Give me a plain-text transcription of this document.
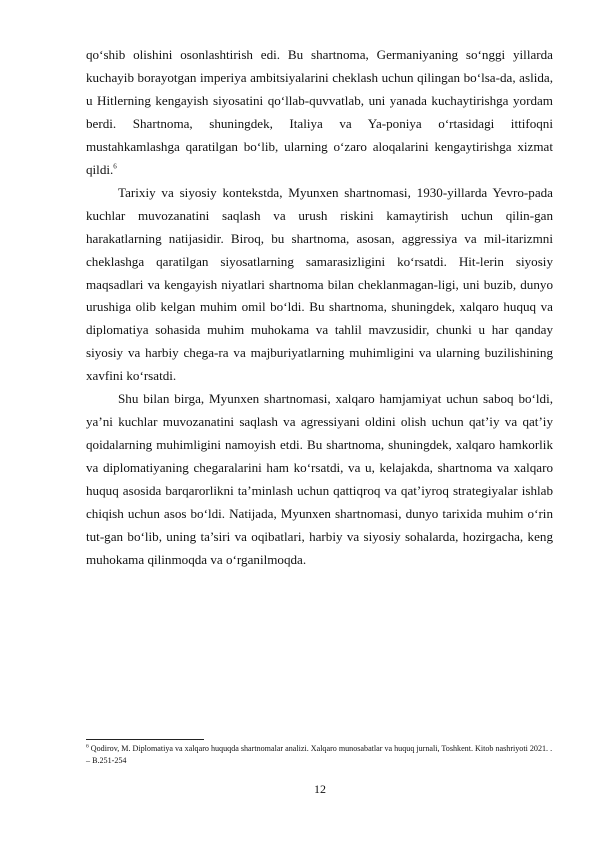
qo‘shib olishini osonlashtirish edi. Bu shartnoma, Germaniyaning so‘nggi yillarda kuchayib borayotgan imperiya ambitsiyalarini cheklash uchun qilingan bo‘lsa-da, aslida, u Hitlerning kengayish siyosatini qo‘llab-quvvatlab, uni yanada kuchaytirishga yordam berdi. Shartnoma, shuningdek, Italiya va Ya-poniya o‘rtasidagi ittifoqni mustahkamlashga qaratilgan bo‘lib, ularning o‘zaro aloqalarini kengaytirishga xizmat qildi.$^6$

Tarixiy va siyosiy kontekstda, Myunxen shartnomasi, 1930-yillarda Yevro-pada kuchlar muvozanatini saqlash va urush riskini kamaytirish uchun qilin-gan harakatlarning natijasidir. Biroq, bu shartnoma, asosan, aggressiya va mil-itarizmni cheklashga qaratilgan siyosatlarning samarasizligini ko‘rsatdi. Hit-lerin siyosiy maqsadlari va kengayish niyatlari shartnoma bilan cheklanmagan-ligi, uni buzib, dunyo urushiga olib kelgan muhim omil bo‘ldi. Bu shartnoma, shuningdek, xalqaro huquq va diplomatiya sohasida muhim muhokama va tahlil mavzusidir, chunki u har qanday siyosiy va harbiy chega-ra va majburiyatlarning muhimligini va ularning buzilishining xavfini ko‘rsatdi.

Shu bilan birga, Myunxen shartnomasi, xalqaro hamjamiyat uchun saboq bo‘ldi, ya’ni kuchlar muvozanatini saqlash va agressiyani oldini olish uchun qat’iy va qat’iy qoidalarning muhimligini namoyish etdi. Bu shartnoma, shuningdek, xalqaro hamkorlik va diplomatiyaning chegaralarini ham ko‘rsatdi, va u, kelajakda, shartnoma va xalqaro huquq asosida barqarorlikni ta’minlash uchun qattiqroq va qat’iyroq strategiyalar ishlab chiqish uchun asos bo‘ldi. Natijada, Myunxen shartnomasi, dunyo tarixida muhim o‘rin tut-gan bo‘lib, uning ta’siri va oqibatlari, harbiy va siyosiy sohalarda, hozirgacha, keng muhokama qilinmoqda va o‘rganilmoqda.

$^6$ Qodirov, M. Diplomatiya va xalqaro huquqda shartnomalar analizi. Xalqaro munosabatlar va huquq jurnali, Toshkent. Kitob nashriyoti 2021. . – B.251-254
12
